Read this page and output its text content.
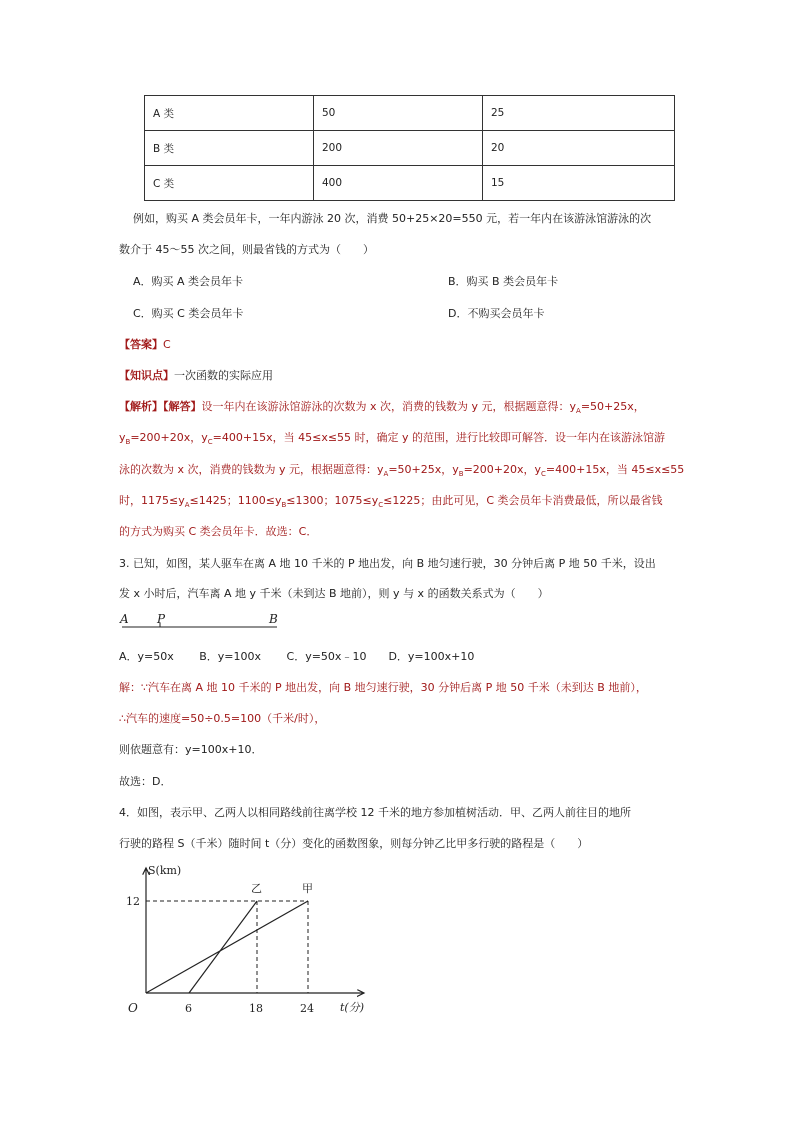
A 类	50	25
B 类	200	20
C 类	400	15
例如，购买 A 类会员年卡，一年内游泳 20 次，消费 50+25×20=550 元，若一年内在该游泳馆游泳的次
数介于 45～55 次之间，则最省钱的方式为（　　）
A．购买 A 类会员年卡	B．购买 B 类会员年卡
C．购买 C 类会员年卡	D．不购买会员年卡
【答案】C
【知识点】一次函数的实际应用
【解析】【解答】设一年内在该游泳馆游泳的次数为 x 次，消费的钱数为 y 元，根据题意得：$y_A=50+25x$，
$y_B=200+20x$，$y_C=400+15x$，当 45≤x≤55 时，确定 y 的范围，进行比较即可解答．设一年内在该游泳馆游
泳的次数为 x 次，消费的钱数为 y 元，根据题意得：$y_A=50+25x$，$y_B=200+20x$，$y_C=400+15x$，当 45≤x≤55
时，$1175\le y_A\le 1425$；$1100\le y_B\le 1300$；$1075\le y_C\le 1225$；由此可见，C 类会员年卡消费最低，所以最省钱
的方式为购买 C 类会员年卡．故选：C．
3. 已知，如图，某人驱车在离 A 地 10 千米的 P 地出发，向 B 地匀速行驶，30 分钟后离 P 地 50 千米，设出
发 x 小时后，汽车离 A 地 y 千米（未到达 B 地前），则 y 与 x 的函数关系式为（　　）
A P	B
A．y=50x　　 B．y=100x　　 C．y=50x﹣10　　D．y=100x+10
解：∵汽车在离 A 地 10 千米的 P 地出发，向 B 地匀速行驶，30 分钟后离 P 地 50 千米（未到达 B 地前），
∴汽车的速度=50÷0.5=100（千米/时），
则依题意有：y=100x+10．
故选：D．
4．如图，表示甲、乙两人以相同路线前往离学校 12 千米的地方参加植树活动．甲、乙两人前往目的地所
行驶的路程 S（千米）随时间 t（分）变化的函数图象，则每分钟乙比甲多行驶的路程是（　　）
S(km)
t(分)
O
12
6	18	24
乙	甲
